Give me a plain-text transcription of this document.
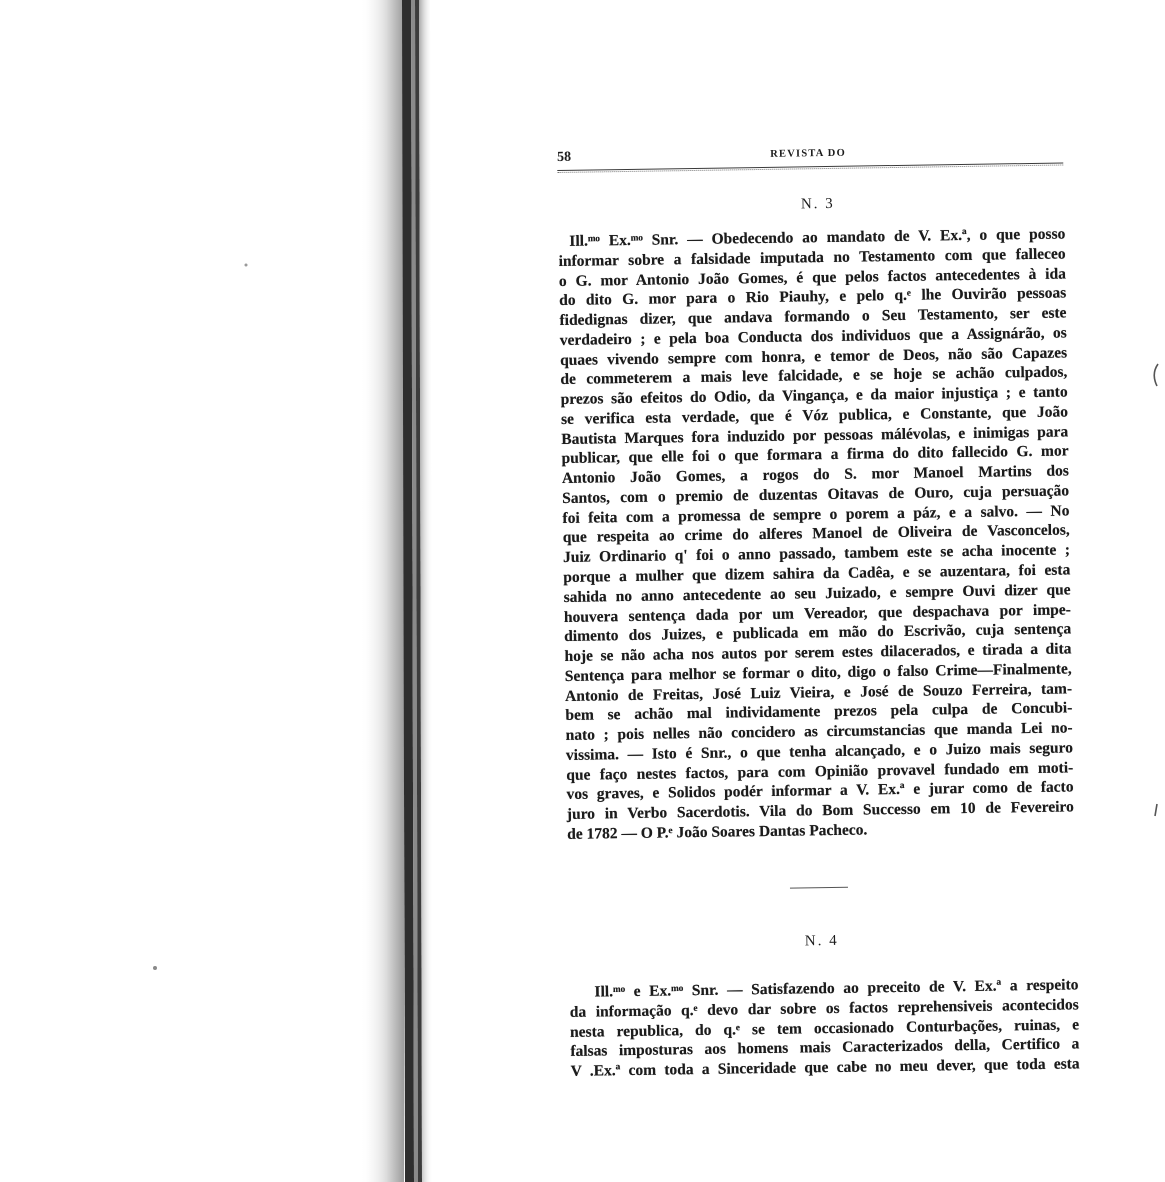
58	REVISTA DO
N. 3
Ill.ᵐᵒ Ex.ᵐᵒ Snr. — Obedecendo ao mandato de V. Ex.ª, o que posso
informar sobre a falsidade imputada no Testamento com que falleceo
o G. mor Antonio João Gomes, é que pelos factos antecedentes à ida
do dito G. mor para o Rio Piauhy, e pelo q.ᵉ lhe Ouvirão pessoas
fidedignas dizer, que andava formando o Seu Testamento, ser este
verdadeiro ; e pela boa Conducta dos individuos que a Assignárão, os
quaes vivendo sempre com honra, e temor de Deos, não são Capazes
de commeterem a mais leve falcidade, e se hoje se achão culpados,
prezos são efeitos do Odio, da Vingança, e da maior injustiça ; e tanto
se verifica esta verdade, que é Vóz publica, e Constante, que João
Bautista Marques fora induzido por pessoas málévolas, e inimigas para
publicar, que elle foi o que formara a firma do dito fallecido G. mor
Antonio João Gomes, a rogos do S. mor Manoel Martins dos
Santos, com o premio de duzentas Oitavas de Ouro, cuja persuação
foi feita com a promessa de sempre o porem a páz, e a salvo. — No
que respeita ao crime do alferes Manoel de Oliveira de Vasconcelos,
Juiz Ordinario q' foi o anno passado, tambem este se acha inocente ;
porque a mulher que dizem sahira da Cadêa, e se auzentara, foi esta
sahida no anno antecedente ao seu Juizado, e sempre Ouvi dizer que
houvera sentença dada por um Vereador, que despachava por impe-
dimento dos Juizes, e publicada em mão do Escrivão, cuja sentença
hoje se não acha nos autos por serem estes dilacerados, e tirada a dita
Sentença para melhor se formar o dito, digo o falso Crime—Finalmente,
Antonio de Freitas, José Luiz Vieira, e José de Souzo Ferreira, tam-
bem se achão mal individamente prezos pela culpa de Concubi-
nato ; pois nelles não concidero as circumstancias que manda Lei no-
vissima. — Isto é Snr., o que tenha alcançado, e o Juizo mais seguro
que faço nestes factos, para com Opinião provavel fundado em moti-
vos graves, e Solidos podér informar a V. Ex.ª e jurar como de facto
juro in Verbo Sacerdotis. Vila do Bom Successo em 10 de Fevereiro
de 1782 — O P.ᵉ João Soares Dantas Pacheco.
N. 4
Ill.ᵐᵒ e Ex.ᵐᵒ Snr. — Satisfazendo ao preceito de V. Ex.ª a respeito
da informação q.ᵉ devo dar sobre os factos reprehensiveis acontecidos
nesta republica, do q.ᵉ se tem occasionado Conturbações, ruinas, e
falsas imposturas aos homens mais Caracterizados della, Certifico a
V .Ex.ª com toda a Sinceridade que cabe no meu dever, que toda esta
